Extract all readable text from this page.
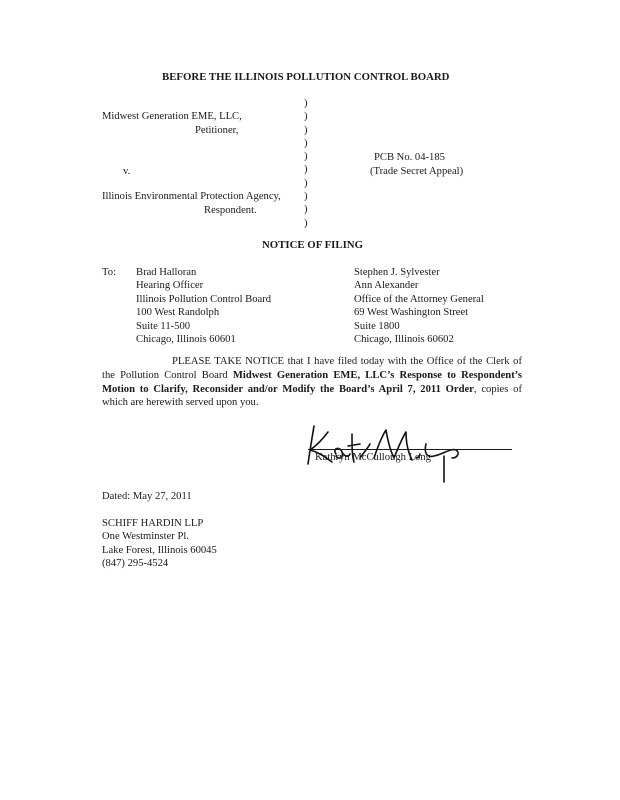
BEFORE THE ILLINOIS POLLUTION CONTROL BOARD
Midwest Generation EME, LLC,
Petitioner,
v.
Illinois Environmental Protection Agency,
Respondent.
)
)
)
)
)
)
)
)
)
)
PCB No. 04-185
(Trade Secret Appeal)
NOTICE OF FILING
To: Brad Halloran
Hearing Officer
Illinois Pollution Control Board
100 West Randolph
Suite 11-500
Chicago, Illinois 60601
Stephen J. Sylvester
Ann Alexander
Office of the Attorney General
69 West Washington Street
Suite 1800
Chicago, Illinois 60602
PLEASE TAKE NOTICE that I have filed today with the Office of the Clerk of the Pollution Control Board Midwest Generation EME, LLC’s Response to Respondent’s Motion to Clarify, Reconsider and/or Modify the Board’s April 7, 2011 Order, copies of which are herewith served upon you.
Kathryn McCullough Long
Dated: May 27, 2011
SCHIFF HARDIN LLP
One Westminster Pl.
Lake Forest, Illinois 60045
(847) 295-4524
